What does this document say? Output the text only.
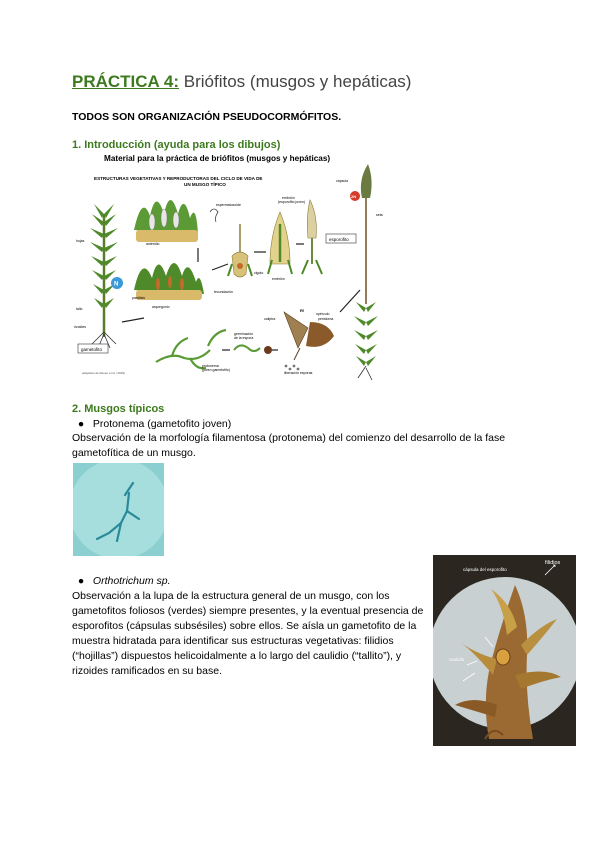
PRÁCTICA 4: Briófitos (musgos y hepáticas)
TODOS SON ORGANIZACIÓN PSEUDOCORMÓFITOS.
1. Introducción (ayuda para los dibujos)
Material para la práctica de briófitos (musgos y hepáticas)
ESTRUCTURAS VEGETATIVAS Y REPRODUCTORAS DEL CICLO DE VIDA DE
UN MUSGO TÍPICO
hojas
tallo
rizoides
gametofito
N
anteridio
espermatozoide
paráfisis
arquegonio
fecundación
cigoto
embrión
(esporofito joven)
embrión
esporofito
cápsula
seta
2N
R!
caliptra
opérculo
peristoma
liberación esporas
germinación
de la espora
protonema
(joven gametofito)
adaptado de Raven et al. (1994)
2. Musgos típicos
● Protonema (gametofito joven)
Observación de la morfología filamentosa (protonema) del comienzo del desarrollo de la fase gametofítica de un musgo.
● Orthotrichum sp.
Observación a la lupa de la estructura general de un musgo, con los gametofitos foliosos (verdes) siempre presentes, y la eventual presencia de esporofitos (cápsulas subsésiles) sobre ellos. Se aísla un gametofito de la muestra hidratada para identificar sus estructuras vegetativas: filidios (“hojillas”) dispuestos helicoidalmente a lo largo del caulidio (“tallito”), y rizoides ramificados en su base.
filidios
cápsula del esporofito
caulidio
